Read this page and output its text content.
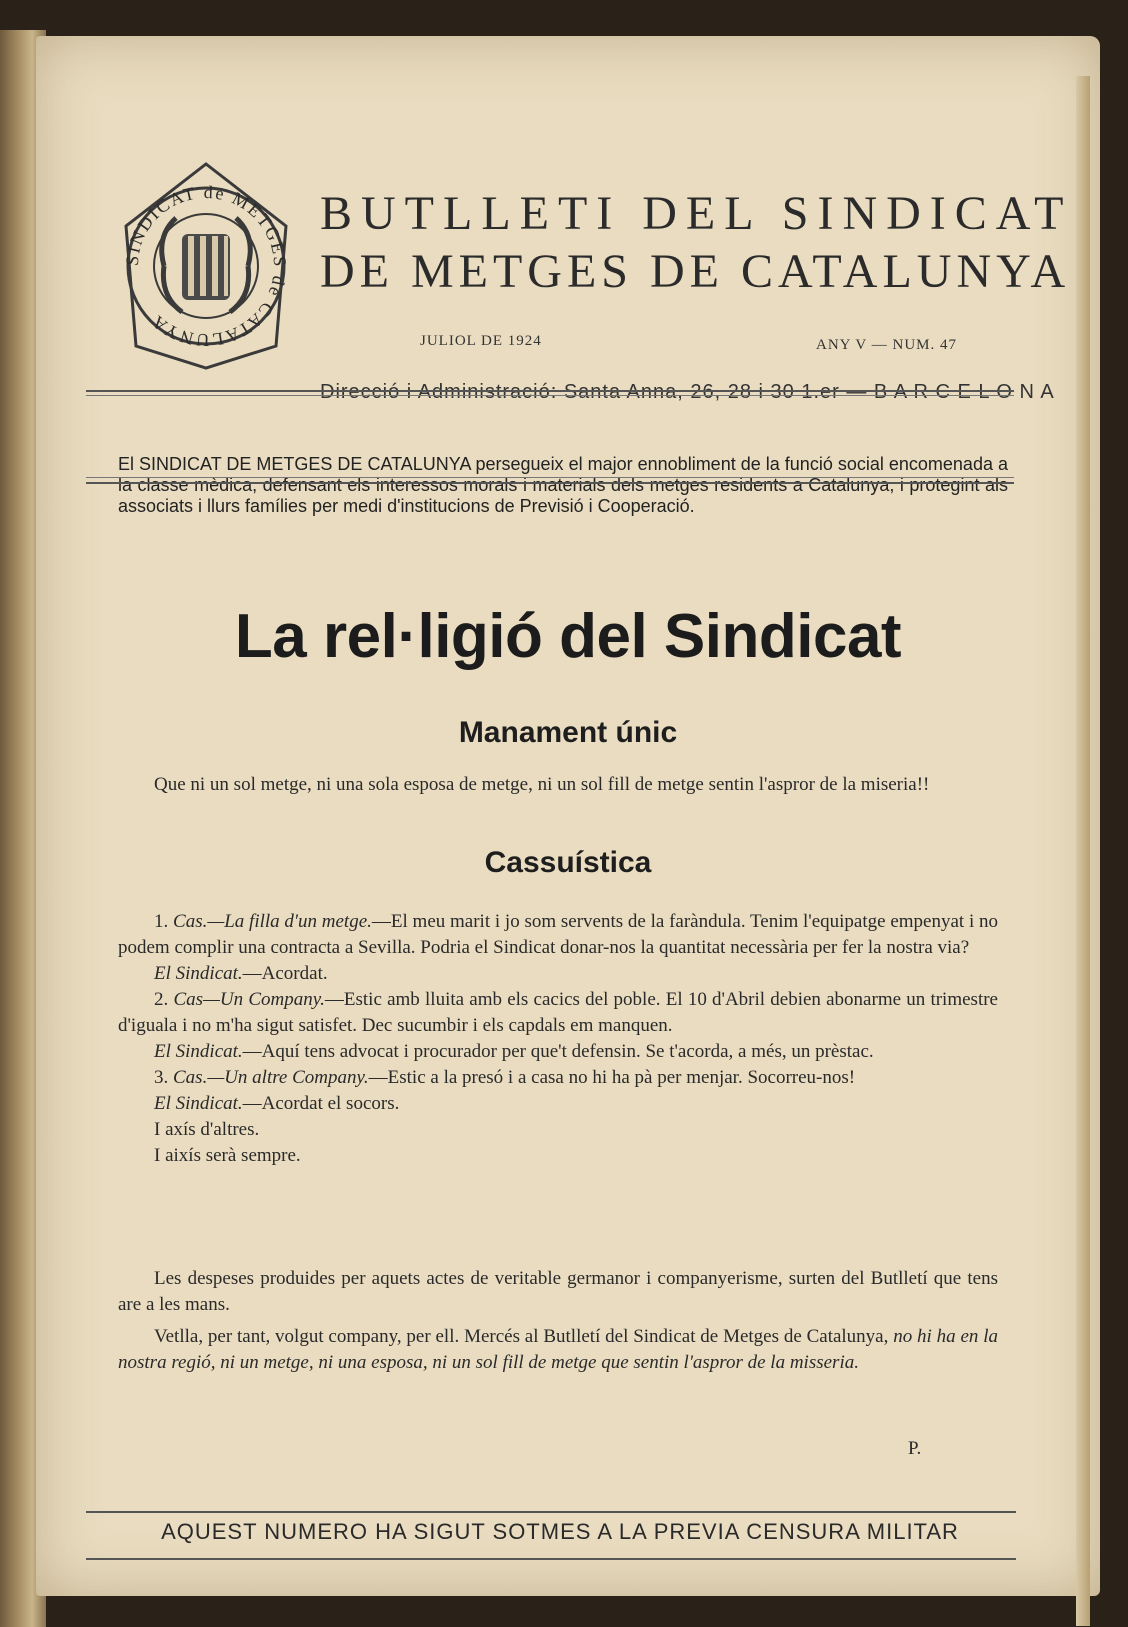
SINDICAT de METGES de CATALUNYA
BUTLLETI DEL SINDICAT
DE METGES DE CATALUNYA
JULIOL DE 1924	ANY V — NUM. 47
Direcció i Administració: Santa Anna, 26, 28 i 30 1.er — B A R C E L O N A
El SINDICAT DE METGES DE CATALUNYA persegueix el major ennobliment de la funció social encomenada a la classe mèdica, defensant els interessos morals i materials dels metges residents a Catalunya, i protegint als associats i llurs famílies per medi d'institucions de Previsió i Cooperació.
La rel·ligió del Sindicat
Manament únic

Que ni un sol metge, ni una sola esposa de metge, ni un sol fill de metge sentin l'aspror de la miseria!!

Cassuística

1. Cas.—La filla d'un metge.—El meu marit i jo som servents de la faràndula. Tenim l'equipatge empenyat i no podem complir una contracta a Sevilla. Podria el Sindicat donar-nos la quantitat necessària per fer la nostra via?

El Sindicat.—Acordat.

2. Cas—Un Company.—Estic amb lluita amb els cacics del poble. El 10 d'Abril debien abonarme un trimestre d'iguala i no m'ha sigut satisfet. Dec sucumbir i els capdals em manquen.

El Sindicat.—Aquí tens advocat i procurador per que't defensin. Se t'acorda, a més, un prèstac.

3. Cas.—Un altre Company.—Estic a la presó i a casa no hi ha pà per menjar. Socorreu-nos!

El Sindicat.—Acordat el socors.

I axís d'altres.

I aixís serà sempre.

Les despeses produides per aquets actes de veritable germanor i companyerisme, surten del Butlletí que tens are a les mans.

Vetlla, per tant, volgut company, per ell. Mercés al Butlletí del Sindicat de Metges de Catalunya, no hi ha en la nostra regió, ni un metge, ni una esposa, ni un sol fill de metge que sentin l'aspror de la misseria.

P.
AQUEST NUMERO HA SIGUT SOTMES A LA PREVIA CENSURA MILITAR
